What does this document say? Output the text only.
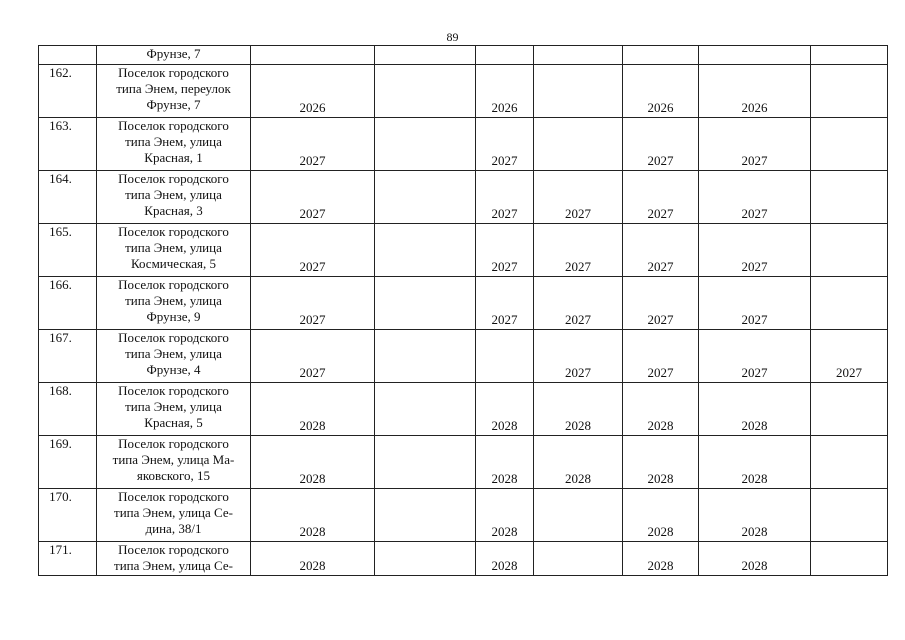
89
	Фрунзе, 7							
162.	Поселок городского
типа Энем, переулок
Фрунзе, 7	2026		2026		2026	2026	
163.	Поселок городского
типа Энем, улица
Красная, 1	2027		2027		2027	2027	
164.	Поселок городского
типа Энем, улица
Красная, 3	2027		2027	2027	2027	2027	
165.	Поселок городского
типа Энем, улица
Космическая, 5	2027		2027	2027	2027	2027	
166.	Поселок городского
типа Энем, улица
Фрунзе, 9	2027		2027	2027	2027	2027	
167.	Поселок городского
типа Энем, улица
Фрунзе, 4	2027			2027	2027	2027	2027
168.	Поселок городского
типа Энем, улица
Красная, 5	2028		2028	2028	2028	2028	
169.	Поселок городского
типа Энем, улица Ма-
яковского, 15	2028		2028	2028	2028	2028	
170.	Поселок городского
типа Энем, улица Се-
дина, 38/1	2028		2028		2028	2028	
171.	Поселок городского
типа Энем, улица Се-	2028		2028		2028	2028	
